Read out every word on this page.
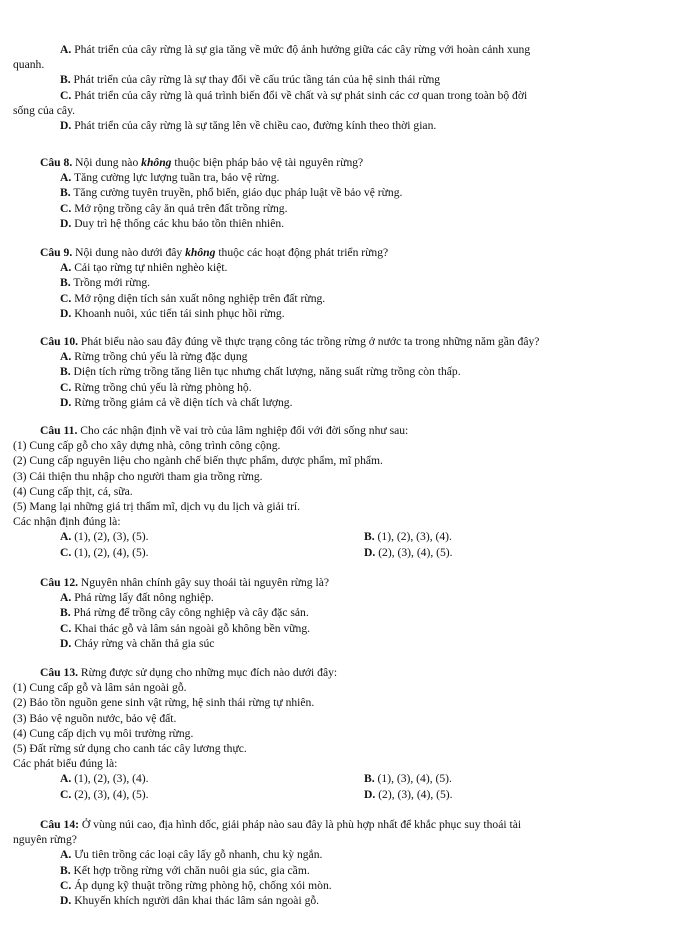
A. Phát triển của cây rừng là sự gia tăng về mức độ ảnh hưởng giữa các cây rừng với hoàn cảnh xung
quanh.
B. Phát triển của cây rừng là sự thay đổi về cấu trúc tầng tán của hệ sinh thái rừng
C. Phát triển của cây rừng là quá trình biến đổi về chất và sự phát sinh các cơ quan trong toàn bộ đời
sống của cây.
D. Phát triển của cây rừng là sự tăng lên về chiều cao, đường kính theo thời gian.
Câu 8. Nội dung nào không thuộc biện pháp bảo vệ tài nguyên rừng?
A. Tăng cường lực lượng tuần tra, bảo vệ rừng.
B. Tăng cường tuyên truyền, phổ biến, giáo dục pháp luật về bảo vệ rừng.
C. Mở rộng trồng cây ăn quả trên đất trồng rừng.
D. Duy trì hệ thống các khu bảo tồn thiên nhiên.
Câu 9. Nội dung nào dưới đây không thuộc các hoạt động phát triển rừng?
A. Cải tạo rừng tự nhiên nghèo kiệt.
B. Trồng mới rừng.
C. Mở rộng diện tích sản xuất nông nghiệp trên đất rừng.
D. Khoanh nuôi, xúc tiến tái sinh phục hồi rừng.
Câu 10. Phát biểu nào sau đây đúng về thực trạng công tác trồng rừng ở nước ta trong những năm gần đây?
A. Rừng trồng chủ yếu là rừng đặc dụng
B. Diện tích rừng trồng tăng liên tục nhưng chất lượng, năng suất rừng trồng còn thấp.
C. Rừng trồng chủ yếu là rừng phòng hộ.
D. Rừng trồng giảm cả về diện tích và chất lượng.
Câu 11. Cho các nhận định về vai trò của lâm nghiệp đối với đời sống như sau:
(1) Cung cấp gỗ cho xây dựng nhà, công trình công cộng.
(2) Cung cấp nguyên liệu cho ngành chế biến thực phẩm, dược phẩm, mĩ phẩm.
(3) Cải thiện thu nhập cho người tham gia trồng rừng.
(4) Cung cấp thịt, cá, sữa.
(5) Mang lại những giá trị thẩm mĩ, dịch vụ du lịch và giải trí.
Các nhận định đúng là:
A. (1), (2), (3), (5).	B. (1), (2), (3), (4).
C. (1), (2), (4), (5).	D. (2), (3), (4), (5).
Câu 12. Nguyên nhân chính gây suy thoái tài nguyên rừng là?
A. Phá rừng lấy đất nông nghiệp.
B. Phá rừng để trồng cây công nghiệp và cây đặc sản.
C. Khai thác gỗ và lâm sản ngoài gỗ không bền vững.
D. Cháy rừng và chăn thả gia súc
Câu 13. Rừng được sử dụng cho những mục đích nào dưới đây:
(1) Cung cấp gỗ và lâm sản ngoài gỗ.
(2) Bảo tồn nguồn gene sinh vật rừng, hệ sinh thái rừng tự nhiên.
(3) Bảo vệ nguồn nước, bảo vệ đất.
(4) Cung cấp dịch vụ môi trường rừng.
(5) Đất rừng sử dụng cho canh tác cây lương thực.
Các phát biểu đúng là:
A. (1), (2), (3), (4).	B. (1), (3), (4), (5).
C. (2), (3), (4), (5).	D. (2), (3), (4), (5).
Câu 14: Ở vùng núi cao, địa hình dốc, giải pháp nào sau đây là phù hợp nhất để khắc phục suy thoái tài
nguyên rừng?
A. Ưu tiên trồng các loại cây lấy gỗ nhanh, chu kỳ ngắn.
B. Kết hợp trồng rừng với chăn nuôi gia súc, gia cầm.
C. Áp dụng kỹ thuật trồng rừng phòng hộ, chống xói mòn.
D. Khuyến khích người dân khai thác lâm sản ngoài gỗ.
